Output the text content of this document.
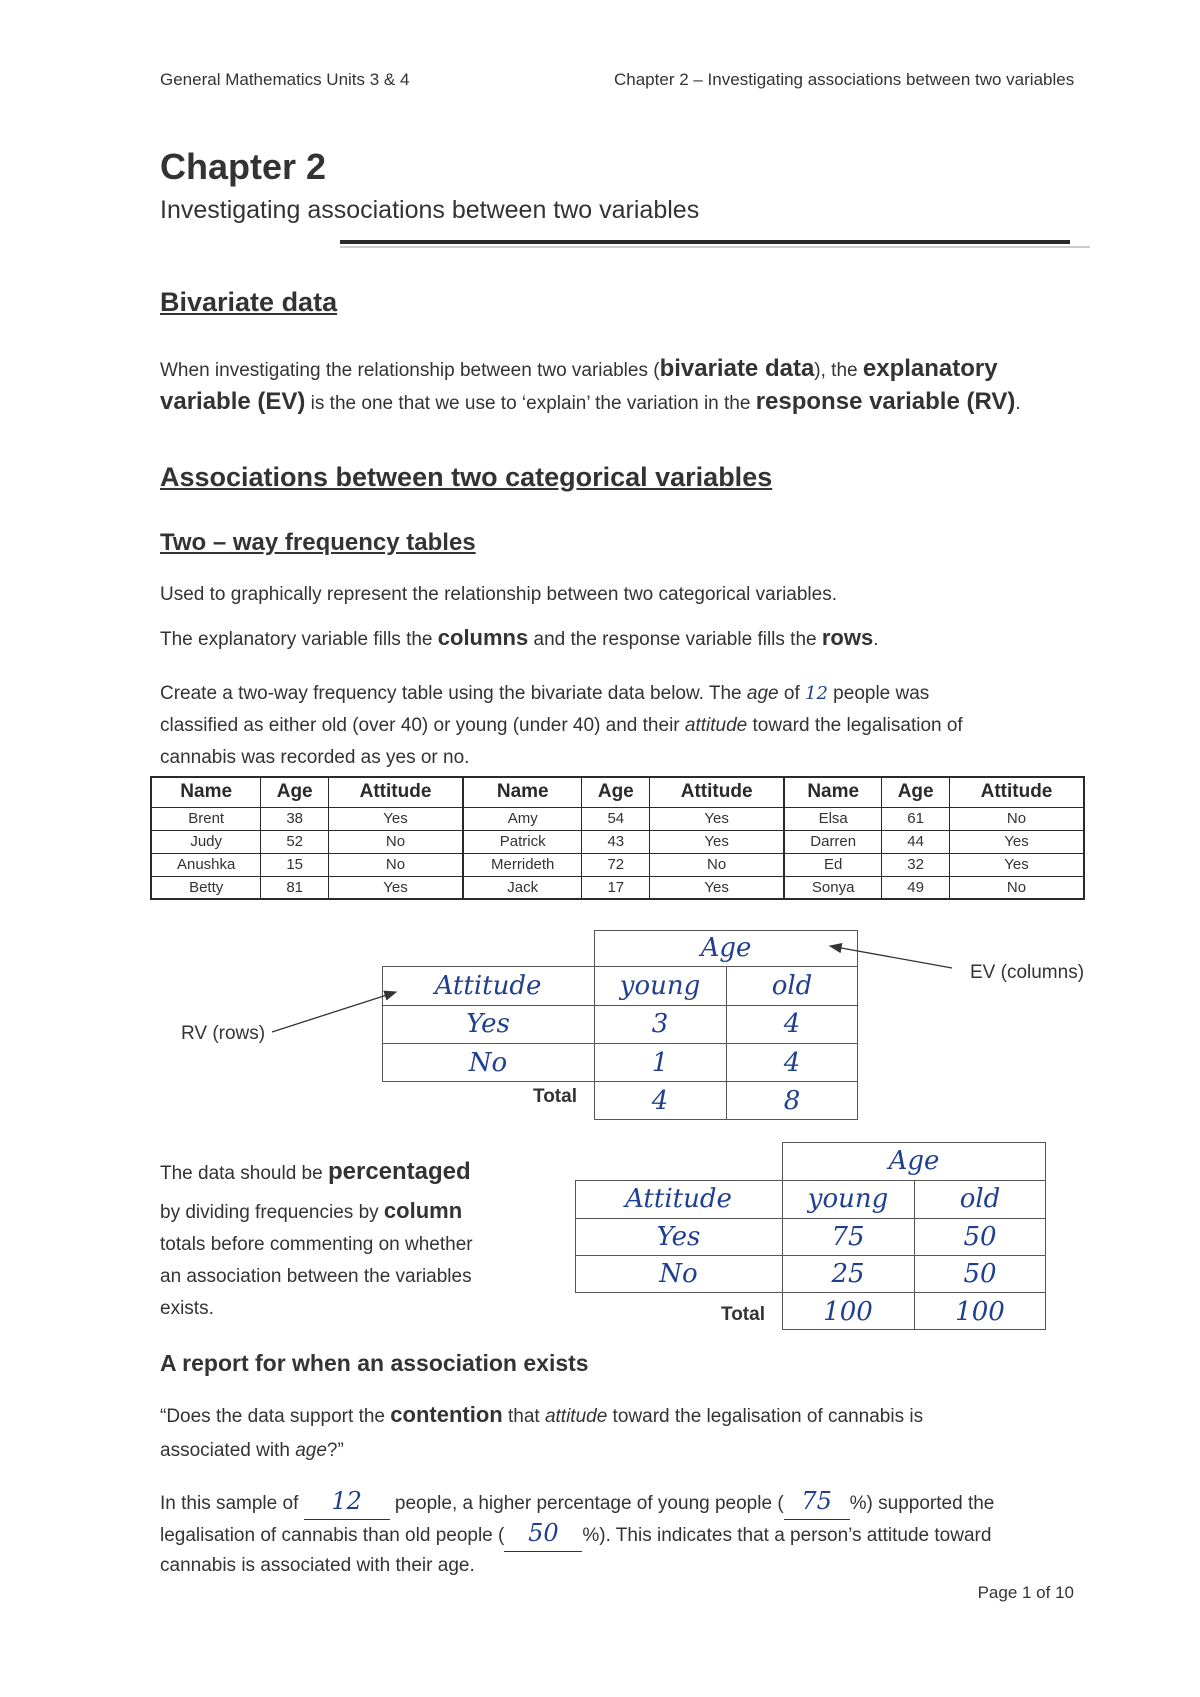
General Mathematics Units 3 & 4	Chapter 2 – Investigating associations between two variables
Chapter 2
Investigating associations between two variables
Bivariate data
When investigating the relationship between two variables (bivariate data), the explanatory
variable (EV) is the one that we use to ‘explain’ the variation in the response variable (RV).
Associations between two categorical variables
Two – way frequency tables
Used to graphically represent the relationship between two categorical variables.
The explanatory variable fills the columns and the response variable fills the rows.
Create a two-way frequency table using the bivariate data below. The age of 12 people was
classified as either old (over 40) or young (under 40) and their attitude toward the legalisation of
cannabis was recorded as yes or no.
Name	Age	Attitude	Name	Age	Attitude	Name	Age	Attitude
Brent	38	Yes	Amy	54	Yes	Elsa	61	No
Judy	52	No	Patrick	43	Yes	Darren	44	Yes
Anushka	15	No	Merrideth	72	No	Ed	32	Yes
Betty	81	Yes	Jack	17	Yes	Sonya	49	No
Age
Attitude	young	old
Yes	3	4
No	1	4
Total	4	8
EV (columns)
RV (rows)
The data should be percentaged
by dividing frequencies by column
totals before commenting on whether
an association between the variables
exists.
Age
Attitude	young	old
Yes	75	50
No	25	50
Total	100	100
A report for when an association exists
“Does the data support the contention that attitude toward the legalisation of cannabis is
associated with age?”
In this sample of 12 people, a higher percentage of young people ( 75 %) supported the
legalisation of cannabis than old people ( 50 %). This indicates that a person’s attitude toward
cannabis is associated with their age.
Page 1 of 10
